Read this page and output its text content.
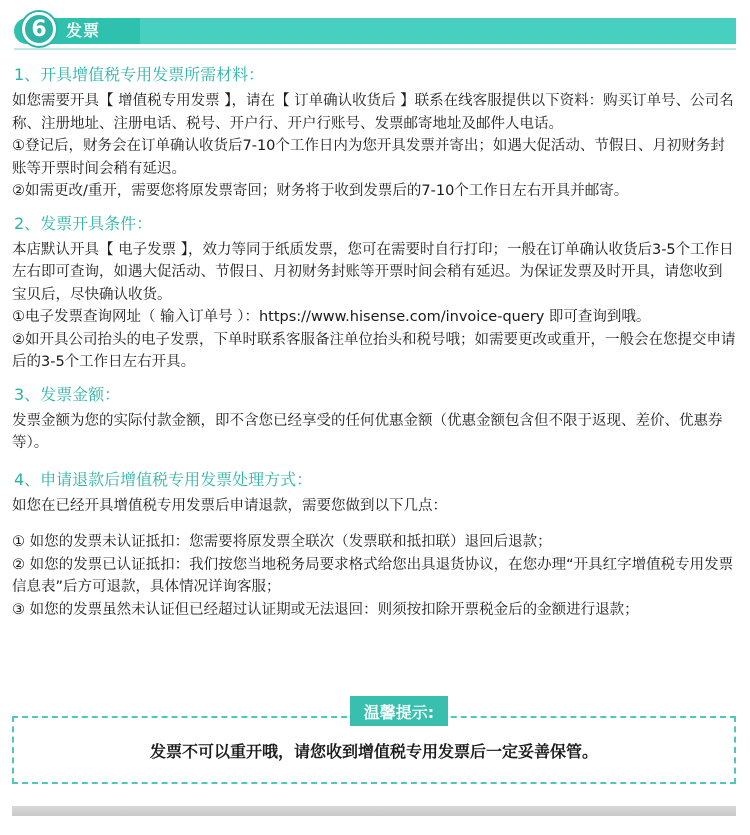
6	发票
1、开具增值税专用发票所需材料：

如您需要开具【 增值税专用发票 】，请在【 订单确认收货后 】联系在线客服提供以下资料：购买订单号、公司名称、注册地址、注册电话、税号、开户行、开户行账号、发票邮寄地址及邮件人电话。

①登记后，财务会在订单确认收货后7-10个工作日内为您开具发票并寄出；如遇大促活动、节假日、月初财务封账等开票时间会稍有延迟。

②如需更改/重开，需要您将原发票寄回；财务将于收到发票后的7-10个工作日左右开具并邮寄。

2、发票开具条件：

本店默认开具【 电子发票 】，效力等同于纸质发票，您可在需要时自行打印；一般在订单确认收货后3-5个工作日左右即可查询，如遇大促活动、节假日、月初财务封账等开票时间会稍有延迟。为保证发票及时开具，请您收到宝贝后，尽快确认收货。

①电子发票查询网址（ 输入订单号 ）：https://www.hisense.com/invoice-query 即可查询到哦。

②如开具公司抬头的电子发票，下单时联系客服备注单位抬头和税号哦；如需要更改或重开，一般会在您提交申请后的3-5个工作日左右开具。

3、发票金额：

发票金额为您的实际付款金额，即不含您已经享受的任何优惠金额（优惠金额包含但不限于返现、差价、优惠券等）。

4、申请退款后增值税专用发票处理方式：

如您在已经开具增值税专用发票后申请退款，需要您做到以下几点：

① 如您的发票未认证抵扣：您需要将原发票全联次（发票联和抵扣联）退回后退款；

② 如您的发票已认证抵扣：我们按您当地税务局要求格式给您出具退货协议，在您办理“开具红字增值税专用发票信息表”后方可退款，具体情况详询客服；

③ 如您的发票虽然未认证但已经超过认证期或无法退回：则须按扣除开票税金后的金额进行退款；

温馨提示:
发票不可以重开哦，请您收到增值税专用发票后一定妥善保管。
